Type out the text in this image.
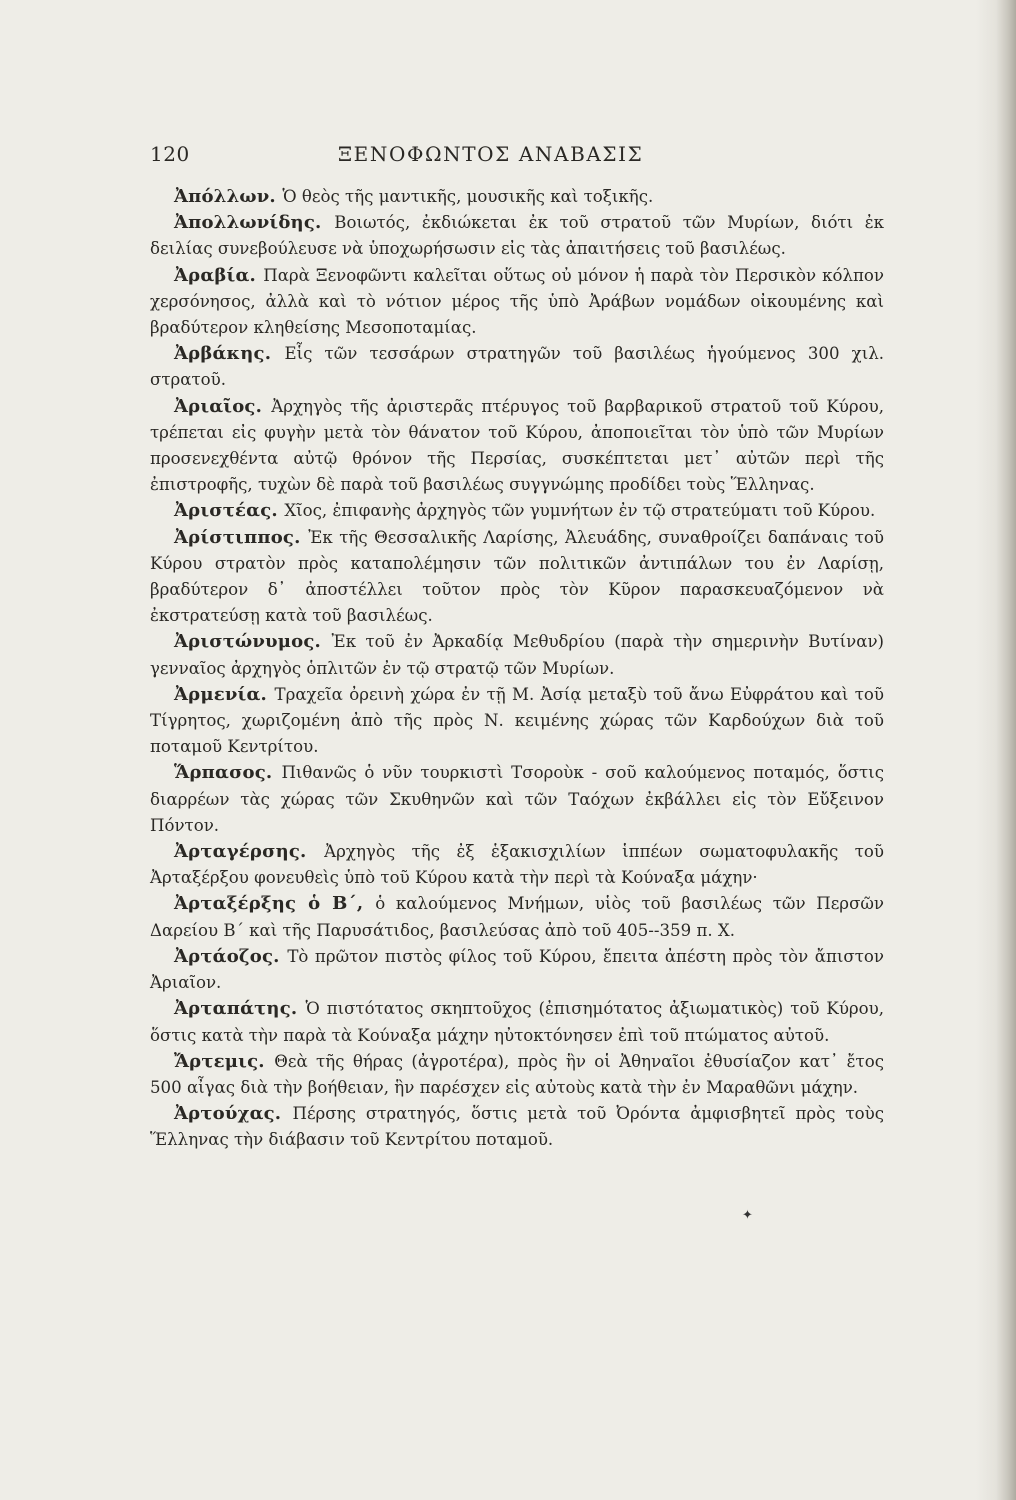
120	ΞΕΝΟΦΩΝΤΟΣ ΑΝΑΒΑΣΙΣ

Ἀπόλλων . Ὁ θεὸς τῆς μαντικῆς, μουσικῆς καὶ τοξικῆς.

Ἀπολλωνίδης . Βοιωτός, ἐκδιώκεται ἐκ τοῦ στρατοῦ τῶν Μυρίων, διότι ἐκ δειλίας συνεβούλευσε νὰ ὑποχωρήσωσιν εἰς τὰς ἀπαιτήσεις τοῦ βασιλέως.

Ἀραβία . Παρὰ Ξενοφῶντι καλεῖται οὕτως οὐ μόνον ἡ παρὰ τὸν Περσικὸν κόλπον χερσόνησος, ἀλλὰ καὶ τὸ νότιον μέρος τῆς ὑπὸ Ἀράβων νομάδων οἰκουμένης καὶ βραδύτερον κληθείσης Μεσοποταμίας.

Ἀρβάκης . Εἷς τῶν τεσσάρων στρατηγῶν τοῦ βασιλέως ἡγούμενος 300 χιλ. στρατοῦ.

Ἀριαῖος . Ἀρχηγὸς τῆς ἀριστερᾶς πτέρυγος τοῦ βαρβαρικοῦ στρατοῦ τοῦ Κύρου, τρέπεται εἰς φυγὴν μετὰ τὸν θάνατον τοῦ Κύρου, ἀποποιεῖται τὸν ὑπὸ τῶν Μυρίων προσενεχθέντα αὐτῷ θρόνον τῆς Περσίας, συσκέπτεται μετ᾽ αὐτῶν περὶ τῆς ἐπιστροφῆς, τυχὼν δὲ παρὰ τοῦ βασιλέως συγγνώμης προδίδει τοὺς Ἕλληνας.

Ἀριστέας . Χῖος, ἐπιφανὴς ἀρχηγὸς τῶν γυμνήτων ἐν τῷ στρατεύματι τοῦ Κύρου.

Ἀρίστιππος . Ἐκ τῆς Θεσσαλικῆς Λαρίσης, Ἀλευάδης, συναθροίζει δαπάναις τοῦ Κύρου στρατὸν πρὸς καταπολέμησιν τῶν πολιτικῶν ἀντιπάλων του ἐν Λαρίσῃ, βραδύτερον δ᾽ ἀποστέλλει τοῦτον πρὸς τὸν Κῦρον παρασκευαζόμενον νὰ ἐκστρατεύσῃ κατὰ τοῦ βασιλέως.

Ἀριστώνυμος . Ἐκ τοῦ ἐν Ἀρκαδίᾳ Μεθυδρίου (παρὰ τὴν σημερινὴν Βυτίναν) γενναῖος ἀρχηγὸς ὁπλιτῶν ἐν τῷ στρατῷ τῶν Μυρίων.

Ἀρμενία . Τραχεῖα ὀρεινὴ χώρα ἐν τῇ Μ. Ἀσίᾳ μεταξὺ τοῦ ἄνω Εὐφράτου καὶ τοῦ Τίγρητος, χωριζομένη ἀπὸ τῆς πρὸς Ν. κειμένης χώρας τῶν Καρδούχων διὰ τοῦ ποταμοῦ Κεντρίτου.

Ἅρπασος . Πιθανῶς ὁ νῦν τουρκιστὶ Τσοροὺκ - σοῦ καλούμενος ποταμός, ὅστις διαρρέων τὰς χώρας τῶν Σκυθηνῶν καὶ τῶν Ταόχων ἐκβάλλει εἰς τὸν Εὔξεινον Πόντον.

Ἀρταγέρσης . Ἀρχηγὸς τῆς ἐξ ἑξακισχιλίων ἱππέων σωματοφυλακῆς τοῦ Ἀρταξέρξου φονευθεὶς ὑπὸ τοῦ Κύρου κατὰ τὴν περὶ τὰ Κούναξα μάχην·

Ἀρταξέρξης ὁ Β΄ , ὁ καλούμενος Μνήμων, υἱὸς τοῦ βασιλέως τῶν Περσῶν Δαρείου Β΄ καὶ τῆς Παρυσάτιδος, βασιλεύσας ἀπὸ τοῦ 405--359 π. Χ.

Ἀρτάοζος . Τὸ πρῶτον πιστὸς φίλος τοῦ Κύρου, ἔπειτα ἀπέστη πρὸς τὸν ἄπιστον Ἀριαῖον.

Ἀρταπάτης . Ὁ πιστότατος σκηπτοῦχος (ἐπισημότατος ἀξιωματικὸς) τοῦ Κύρου, ὅστις κατὰ τὴν παρὰ τὰ Κούναξα μάχην ηὐτοκτόνησεν ἐπὶ τοῦ πτώματος αὐτοῦ.

Ἄρτεμις . Θεὰ τῆς θήρας (ἀγροτέρα), πρὸς ἣν οἱ Ἀθηναῖοι ἐθυσίαζον κατ᾽ ἔτος 500 αἶγας διὰ τὴν βοήθειαν, ἣν παρέσχεν εἰς αὐτοὺς κατὰ τὴν ἐν Μαραθῶνι μάχην.

Ἀρτούχας . Πέρσης στρατηγός, ὅστις μετὰ τοῦ Ὀρόντα ἀμφισβητεῖ πρὸς τοὺς Ἕλληνας τὴν διάβασιν τοῦ Κεντρίτου ποταμοῦ.

✦
